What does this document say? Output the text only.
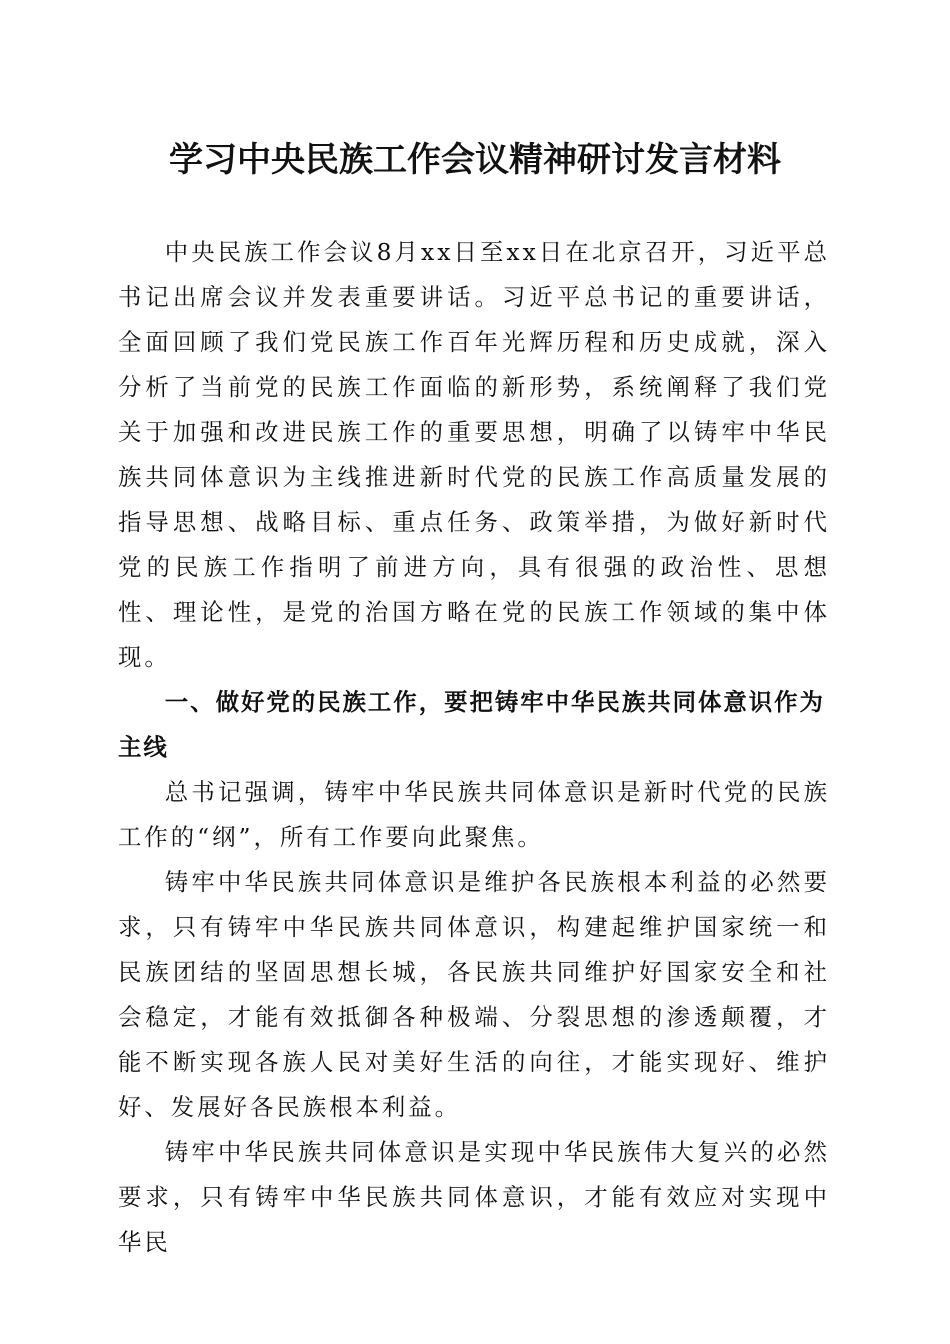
学习中央民族工作会议精神研讨发言材料

中央民族工作会议8月xx日至xx日在北京召开，习近平总书记出席会议并发表重要讲话。习近平总书记的重要讲话，全面回顾了我们党民族工作百年光辉历程和历史成就，深入分析了当前党的民族工作面临的新形势，系统阐释了我们党关于加强和改进民族工作的重要思想，明确了以铸牢中华民族共同体意识为主线推进新时代党的民族工作高质量发展的指导思想、战略目标、重点任务、政策举措，为做好新时代党的民族工作指明了前进方向，具有很强的政治性、思想性、理论性，是党的治国方略在党的民族工作领域的集中体现。

一、做好党的民族工作，要把铸牢中华民族共同体意识作为主线

总书记强调，铸牢中华民族共同体意识是新时代党的民族工作的“纲”，所有工作要向此聚焦。

铸牢中华民族共同体意识是维护各民族根本利益的必然要求，只有铸牢中华民族共同体意识，构建起维护国家统一和民族团结的坚固思想长城，各民族共同维护好国家安全和社会稳定，才能有效抵御各种极端、分裂思想的渗透颠覆，才能不断实现各族人民对美好生活的向往，才能实现好、维护好、发展好各民族根本利益。

铸牢中华民族共同体意识是实现中华民族伟大复兴的必然要求，只有铸牢中华民族共同体意识，才能有效应对实现中华民
